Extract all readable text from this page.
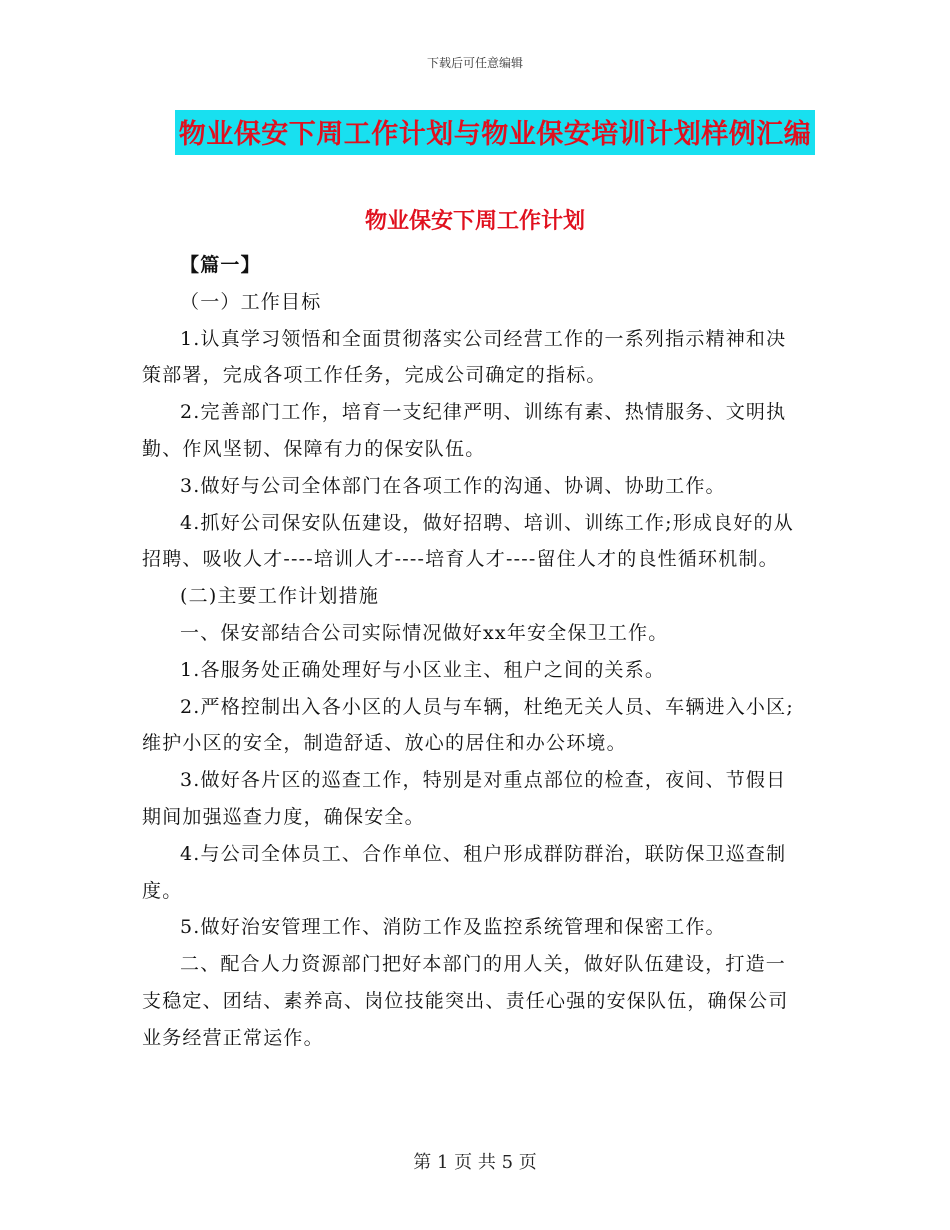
下载后可任意编辑
物业保安下周工作计划与物业保安培训计划样例汇编
物业保安下周工作计划

【篇一】

（一）工作目标

1.认真学习领悟和全面贯彻落实公司经营工作的一系列指示精神和决策部署，完成各项工作任务，完成公司确定的指标。

2.完善部门工作，培育一支纪律严明、训练有素、热情服务、文明执勤、作风坚韧、保障有力的保安队伍。

3.做好与公司全体部门在各项工作的沟通、协调、协助工作。

4.抓好公司保安队伍建设，做好招聘、培训、训练工作;形成良好的从招聘、吸收人才----培训人才----培育人才----留住人才的良性循环机制。

(二)主要工作计划措施

一、保安部结合公司实际情况做好xx年安全保卫工作。

1.各服务处正确处理好与小区业主、租户之间的关系。

2.严格控制出入各小区的人员与车辆，杜绝无关人员、车辆进入小区;维护小区的安全，制造舒适、放心的居住和办公环境。

3.做好各片区的巡查工作，特别是对重点部位的检查，夜间、节假日期间加强巡查力度，确保安全。

4.与公司全体员工、合作单位、租户形成群防群治，联防保卫巡查制度。

5.做好治安管理工作、消防工作及监控系统管理和保密工作。

二、配合人力资源部门把好本部门的用人关，做好队伍建设，打造一支稳定、团结、素养高、岗位技能突出、责任心强的安保队伍，确保公司业务经营正常运作。

第 1 页 共 5 页
